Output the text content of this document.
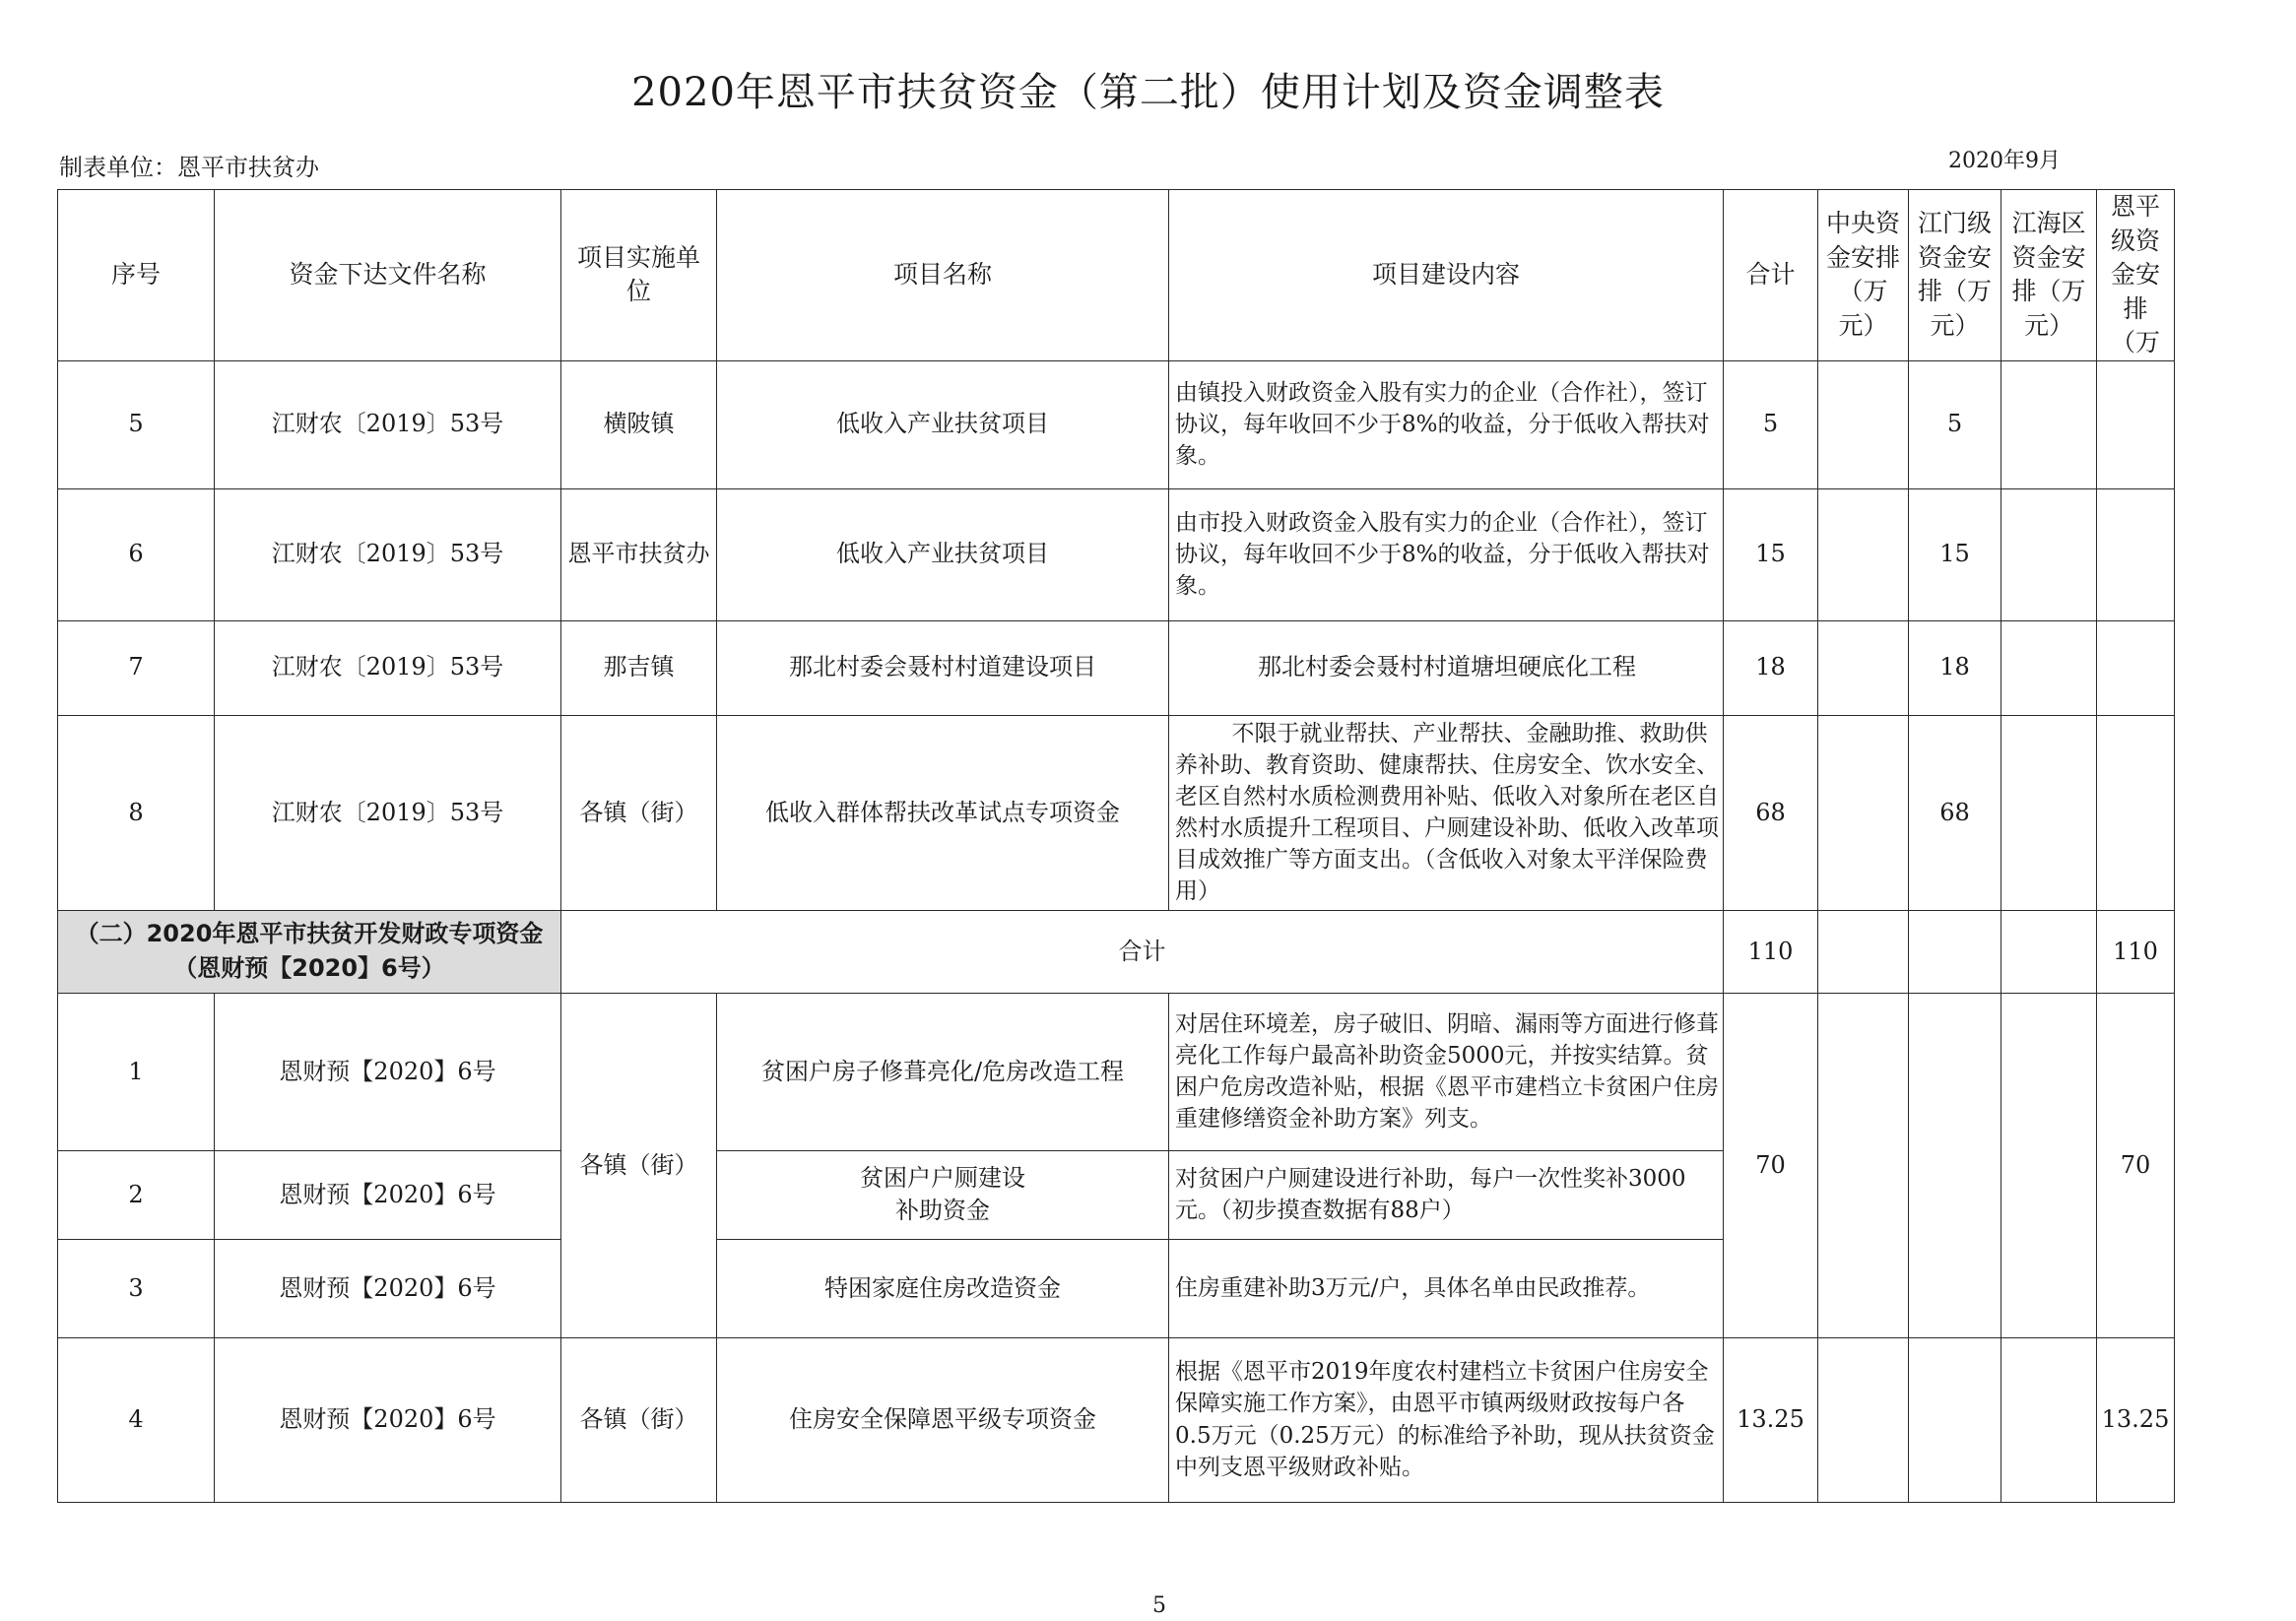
2020年恩平市扶贫资金（第二批）使用计划及资金调整表
制表单位：恩平市扶贫办	2020年9月
序号	资金下达文件名称	项目实施单位	项目名称	项目建设内容	合计	中央资金安排（万元）	江门级资金安排（万元）	江海区资金安排（万元）	恩平级资金安排（万
5	江财农〔2019〕53号	横陂镇	低收入产业扶贫项目	由镇投入财政资金入股有实力的企业（合作社），签订协议，每年收回不少于8%的收益，分于低收入帮扶对象。	5		5		
6	江财农〔2019〕53号	恩平市扶贫办	低收入产业扶贫项目	由市投入财政资金入股有实力的企业（合作社），签订协议，每年收回不少于8%的收益，分于低收入帮扶对象。	15		15		
7	江财农〔2019〕53号	那吉镇	那北村委会聂村村道建设项目	那北村委会聂村村道塘坦硬底化工程	18		18		
8	江财农〔2019〕53号	各镇（街）	低收入群体帮扶改革试点专项资金	不限于就业帮扶、产业帮扶、金融助推、救助供养补助、教育资助、健康帮扶、住房安全、饮水安全、老区自然村水质检测费用补贴、低收入对象所在老区自然村水质提升工程项目、户厕建设补助、低收入改革项目成效推广等方面支出。（含低收入对象太平洋保险费用）	68		68		

（二）2020年恩平市扶贫开发财政专项资金
（恩财预【2020】6号）		合计			110				110
1	恩财预【2020】6号	各镇（街）	贫困户房子修葺亮化/危房改造工程	对居住环境差，房子破旧、阴暗、漏雨等方面进行修葺亮化工作每户最高补助资金5000元，并按实结算。贫困户危房改造补贴，根据《恩平市建档立卡贫困户住房重建修缮资金补助方案》列支。	70				70
2	恩财预【2020】6号		贫困户户厕建设
补助资金	对贫困户户厕建设进行补助，每户一次性奖补3000元。（初步摸查数据有88户）					
3	恩财预【2020】6号		特困家庭住房改造资金	住房重建补助3万元/户，具体名单由民政推荐。					
4	恩财预【2020】6号	各镇（街）	住房安全保障恩平级专项资金	根据《恩平市2019年度农村建档立卡贫困户住房安全保障实施工作方案》，由恩平市镇两级财政按每户各0.5万元（0.25万元）的标准给予补助，现从扶贫资金中列支恩平级财政补贴。	13.25				13.25
5
